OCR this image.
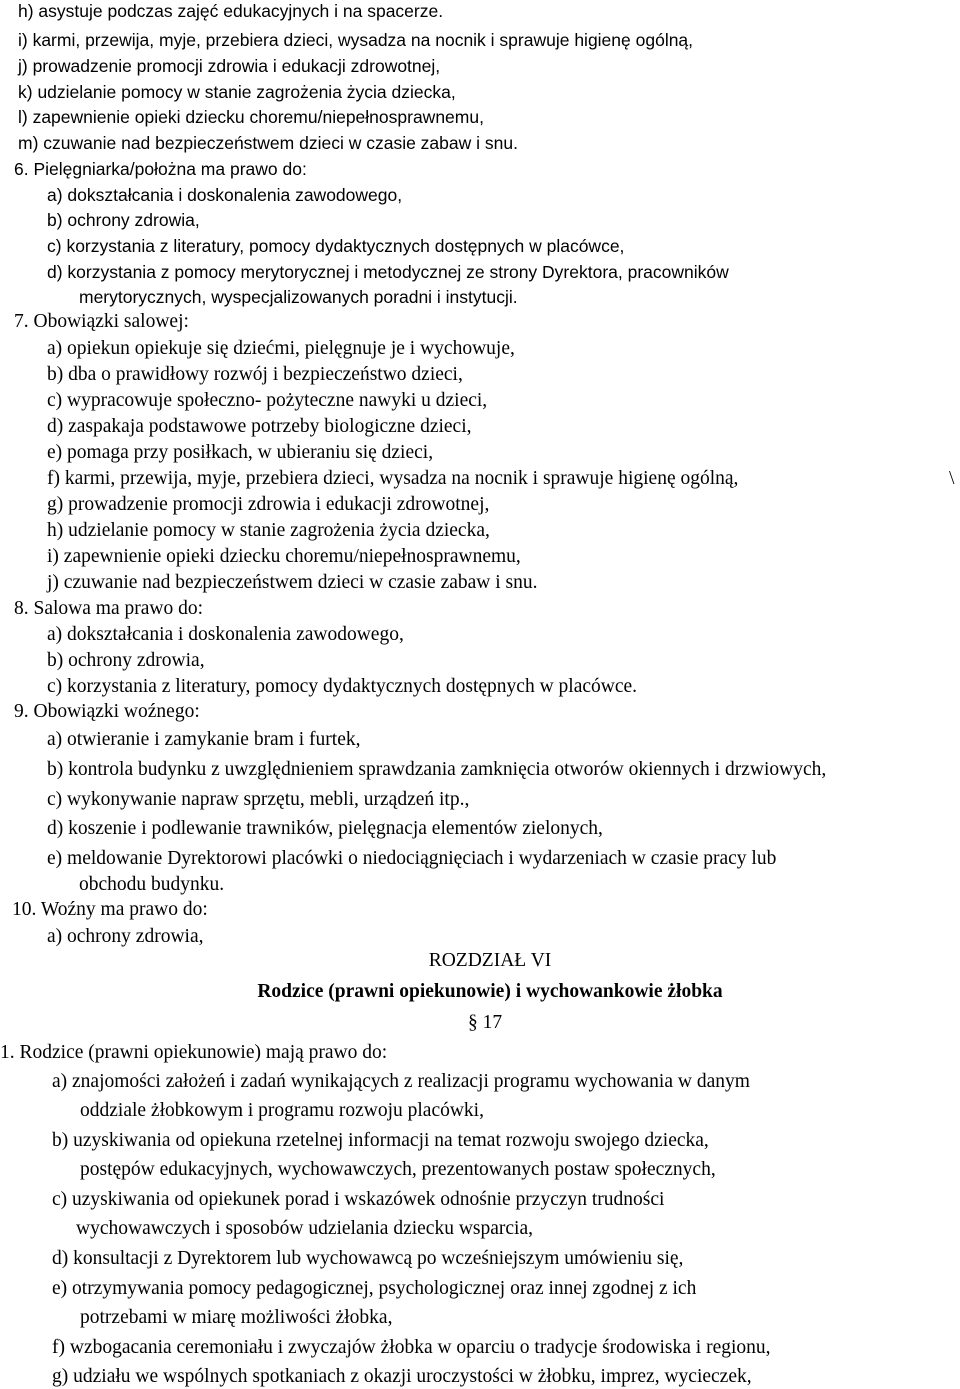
h) asystuje podczas zajęć edukacyjnych i na spacerze.
i) karmi, przewija, myje, przebiera dzieci, wysadza na nocnik i sprawuje higienę ogólną,
j) prowadzenie promocji zdrowia i edukacji zdrowotnej,
k) udzielanie pomocy w stanie zagrożenia życia dziecka,
l) zapewnienie opieki dziecku choremu/niepełnosprawnemu,
m) czuwanie nad bezpieczeństwem dzieci w czasie zabaw i snu.
6. Pielęgniarka/położna ma prawo do:
a) dokształcania i doskonalenia zawodowego,
b) ochrony zdrowia,
c) korzystania z literatury, pomocy dydaktycznych dostępnych w placówce,
d) korzystania z pomocy merytorycznej i metodycznej ze strony Dyrektora, pracowników
merytorycznych, wyspecjalizowanych poradni i instytucji.
7. Obowiązki salowej:
a) opiekun opiekuje się dziećmi, pielęgnuje je i wychowuje,
b) dba o prawidłowy rozwój i bezpieczeństwo dzieci,
c) wypracowuje społeczno- pożyteczne nawyki u dzieci,
d) zaspakaja podstawowe potrzeby biologiczne dzieci,
e) pomaga przy posiłkach, w ubieraniu się dzieci,
f) karmi, przewija, myje, przebiera dzieci, wysadza na nocnik i sprawuje higienę ogólną,	\
g) prowadzenie promocji zdrowia i edukacji zdrowotnej,
h) udzielanie pomocy w stanie zagrożenia życia dziecka,
i) zapewnienie opieki dziecku choremu/niepełnosprawnemu,
j) czuwanie nad bezpieczeństwem dzieci w czasie zabaw i snu.
8. Salowa ma prawo do:
a) dokształcania i doskonalenia zawodowego,
b) ochrony zdrowia,
c) korzystania z literatury, pomocy dydaktycznych dostępnych w placówce.
9. Obowiązki woźnego:
a) otwieranie i zamykanie bram i furtek,
b) kontrola budynku z uwzględnieniem sprawdzania zamknięcia otworów okiennych i drzwiowych,
c) wykonywanie napraw sprzętu, mebli, urządzeń itp.,
d) koszenie i podlewanie trawników, pielęgnacja elementów zielonych,
e) meldowanie Dyrektorowi placówki o niedociągnięciach i wydarzeniach w czasie pracy lub
obchodu budynku.
10. Woźny ma prawo do:
a) ochrony zdrowia,
ROZDZIAŁ VI
Rodzice (prawni opiekunowie) i wychowankowie żłobka
§ 17
1. Rodzice (prawni opiekunowie) mają prawo do:
a) znajomości założeń i zadań wynikających z realizacji programu wychowania w danym
oddziale żłobkowym i programu rozwoju placówki,
b) uzyskiwania od opiekuna rzetelnej informacji na temat rozwoju swojego dziecka,
postępów edukacyjnych, wychowawczych, prezentowanych postaw społecznych,
c) uzyskiwania od opiekunek porad i wskazówek odnośnie przyczyn trudności
wychowawczych i sposobów udzielania dziecku wsparcia,
d) konsultacji z Dyrektorem lub wychowawcą po wcześniejszym umówieniu się,
e) otrzymywania pomocy pedagogicznej, psychologicznej oraz innej zgodnej z ich
potrzebami w miarę możliwości żłobka,
f) wzbogacania ceremoniału i zwyczajów żłobka w oparciu o tradycje środowiska i regionu,
g) udziału we wspólnych spotkaniach z okazji uroczystości w żłobku, imprez, wycieczek,
